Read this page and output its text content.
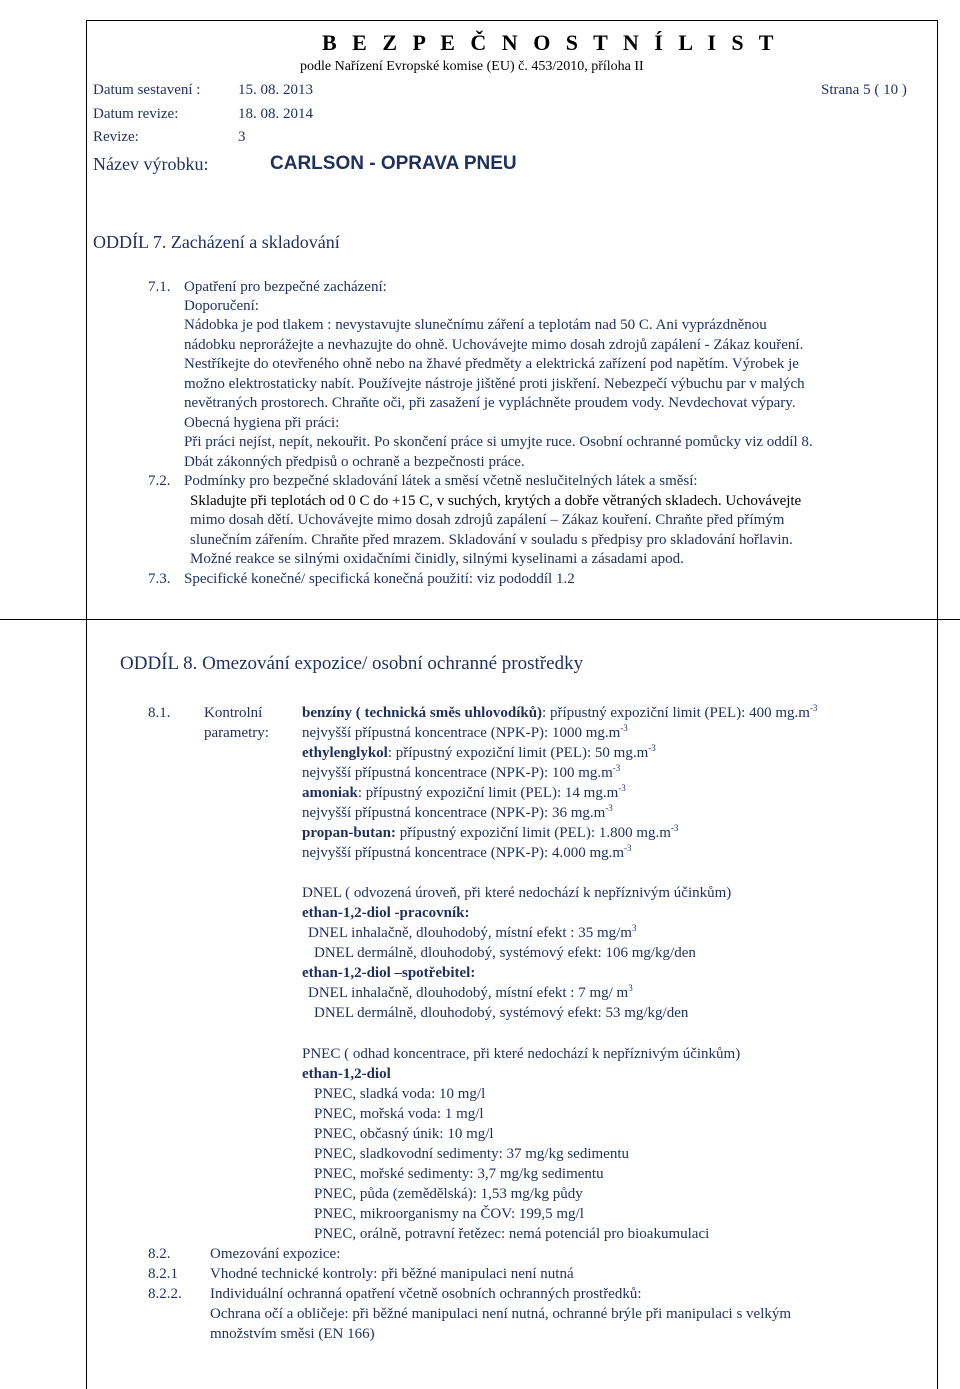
B E Z P E Č N O S T N Í L I S T
podle Nařízení Evropské komise (EU) č. 453/2010, příloha II
Datum sestavení :	15. 08. 2013	Strana 5 ( 10 )
Datum revize:	18. 08. 2014
Revize:	3
Název výrobku:	CARLSON - OPRAVA PNEU
ODDÍL 7. Zacházení a skladování
7.1. Opatření pro bezpečné zacházení:
Doporučení:
Nádobka je pod tlakem : nevystavujte slunečnímu záření a teplotám nad 50 C. Ani vyprázdněnou
nádobku neprorážejte a nevhazujte do ohně. Uchovávejte mimo dosah zdrojů zapálení - Zákaz kouření.
Nestříkejte do otevřeného ohně nebo na žhavé předměty a elektrická zařízení pod napětím. Výrobek je
možno elektrostaticky nabít. Používejte nástroje jištěné proti jiskření. Nebezpečí výbuchu par v malých
nevětraných prostorech. Chraňte oči, při zasažení je vypláchněte proudem vody. Nevdechovat výpary.
Obecná hygiena při práci:
Při práci nejíst, nepít, nekouřit. Po skončení práce si umyjte ruce. Osobní ochranné pomůcky viz oddíl 8.
Dbát zákonných předpisů o ochraně a bezpečnosti práce.
7.2. Podmínky pro bezpečné skladování látek a směsí včetně neslučitelných látek a směsí:
Skladujte při teplotách od 0 C do +15 C, v suchých, krytých a dobře větraných skladech. Uchovávejte
mimo dosah dětí. Uchovávejte mimo dosah zdrojů zapálení – Zákaz kouření. Chraňte před přímým
slunečním zářením. Chraňte před mrazem. Skladování v souladu s předpisy pro skladování hořlavin.
Možné reakce se silnými oxidačními činidly, silnými kyselinami a zásadami apod.
7.3. Specifické konečné/ specifická konečná použití: viz pododdíl 1.2
ODDÍL 8. Omezování expozice/ osobní ochranné prostředky
8.1. Kontrolní
parametry:
benzíny ( technická směs uhlovodíků): přípustný expoziční limit (PEL): 400 $mg.m^{-3}$
nejvyšší přípustná koncentrace (NPK-P): 1000 $mg.m^{-3}$
ethylenglykol: přípustný expoziční limit (PEL): 50 $mg.m^{-3}$
nejvyšší přípustná koncentrace (NPK-P): 100 $mg.m^{-3}$
amoniak: přípustný expoziční limit (PEL): 14 $mg.m^{-3}$
nejvyšší přípustná koncentrace (NPK-P): 36 $mg.m^{-3}$
propan-butan: přípustný expoziční limit (PEL): 1.800 $mg.m^{-3}$
nejvyšší přípustná koncentrace (NPK-P): 4.000 $mg.m^{-3}$
DNEL ( odvozená úroveň, při které nedochází k nepříznivým účinkům)
ethan-1,2-diol -pracovník:
DNEL inhalačně, dlouhodobý, místní efekt : 35 $mg/m^3$
DNEL dermálně, dlouhodobý, systémový efekt: 106 mg/kg/den
ethan-1,2-diol –spotřebitel:
DNEL inhalačně, dlouhodobý, místní efekt : 7 mg/ $m^3$
DNEL dermálně, dlouhodobý, systémový efekt: 53 mg/kg/den
PNEC ( odhad koncentrace, při které nedochází k nepříznivým účinkům)
ethan-1,2-diol
PNEC, sladká voda: 10 mg/l
PNEC, mořská voda: 1 mg/l
PNEC, občasný únik: 10 mg/l
PNEC, sladkovodní sedimenty: 37 mg/kg sedimentu
PNEC, mořské sedimenty: 3,7 mg/kg sedimentu
PNEC, půda (zemědělská): 1,53 mg/kg půdy
PNEC, mikroorganismy na ČOV: 199,5 mg/l
PNEC, orálně, potravní řetězec: nemá potenciál pro bioakumulaci
8.2.	Omezování expozice:
8.2.1 Vhodné technické kontroly: při běžné manipulaci není nutná
8.2.2. Individuální ochranná opatření včetně osobních ochranných prostředků:
Ochrana očí a obličeje: při běžné manipulaci není nutná, ochranné brýle při manipulaci s velkým
množstvím směsi (EN 166)
